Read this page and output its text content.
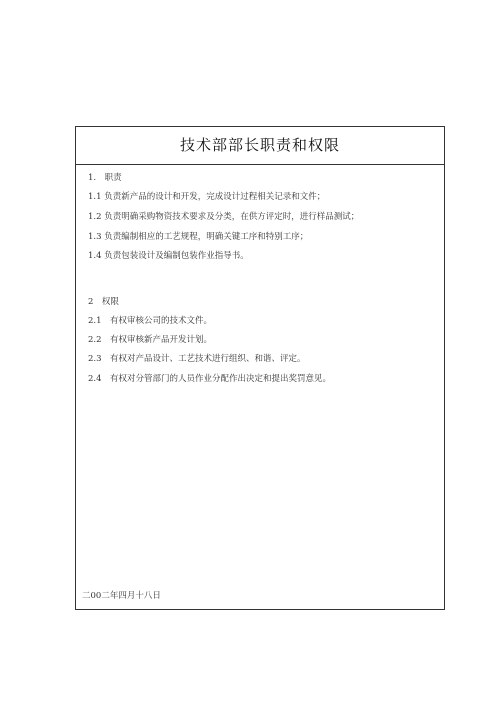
技术部部长职责和权限
1.　职责
1.1 负责新产品的设计和开发，完成设计过程相关记录和文件；
1.2 负责明确采购物资技术要求及分类，在供方评定时，进行样品测试；
1.3 负责编制相应的工艺规程，明确关键工序和特别工序；
1.4 负责包装设计及编制包装作业指导书。
2　权限
2.1　有权审核公司的技术文件。
2.2　有权审核新产品开发计划。
2.3　有权对产品设计、工艺技术进行组织、和谐、评定。
2.4　有权对分管部门的人员作业分配作出决定和提出奖罚意见。
二00二年四月十八日
